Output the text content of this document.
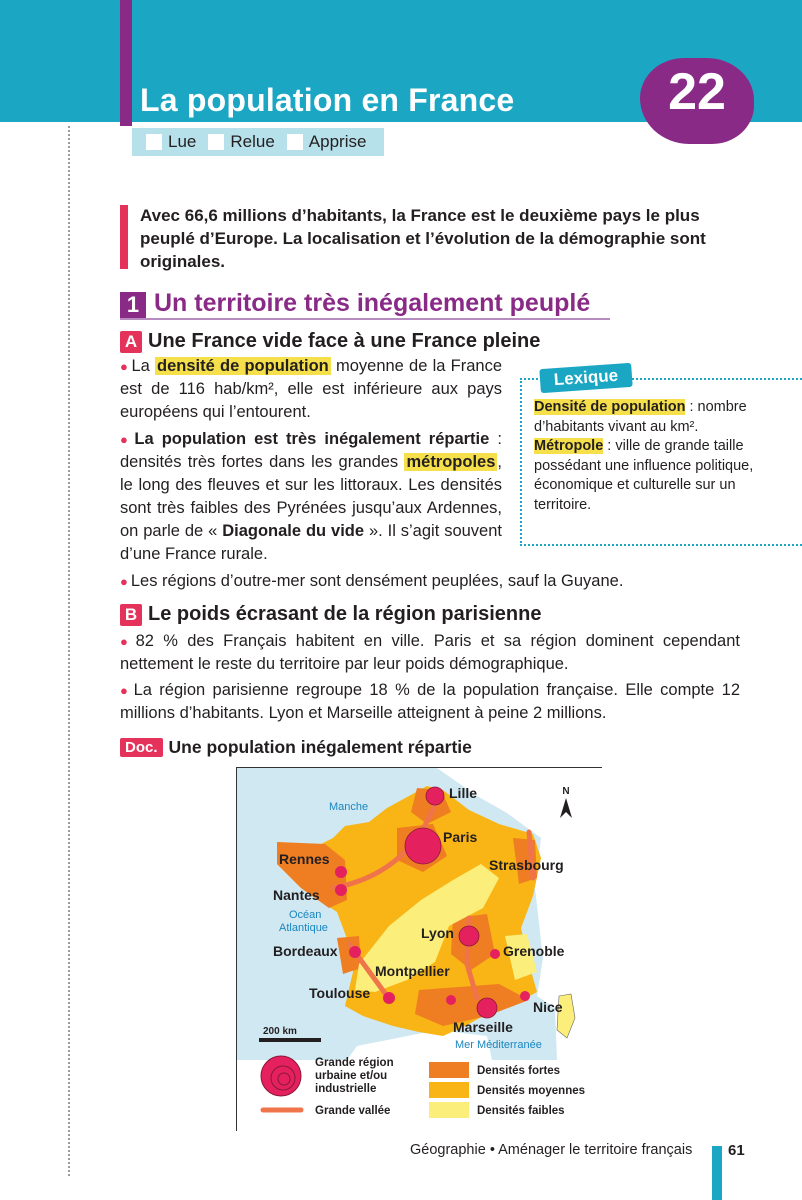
La population en France	22
Lue Relue Apprise

Avec 66,6 millions d’habitants, la France est le deuxième pays le plus peuplé d’Europe. La localisation et l’évolution de la démographie sont originales.

1 Un territoire très inégalement peuplé
A Une France vide face à une France pleine

● La densité de population moyenne de la France est de 116 hab/km², elle est inférieure aux pays européens qui l’entourent.

● La population est très inégalement répartie : densités très fortes dans les grandes métropoles , le long des fleuves et sur les littoraux. Les densités sont très faibles des Pyrénées jusqu’aux Ardennes, on parle de « Diagonale du vide ». Il s’agit souvent d’une France rurale.

● Les régions d’outre-mer sont densément peuplées, sauf la Guyane.

Lexique
Densité de population : nombre d’habitants vivant au km².
Métropole : ville de grande taille possédant une influence politique, économique et culturelle sur un territoire.
B Le poids écrasant de la région parisienne

● 82 % des Français habitent en ville. Paris et sa région dominent cependant nettement le reste du territoire par leur poids démographique.

● La région parisienne regroupe 18 % de la population française. Elle compte 12 millions d’habitants. Lyon et Marseille atteignent à peine 2 millions.

Doc. Une population inégalement répartie
Manche
Océan
Atlantique
Mer Méditerranée
Lille
Paris
Strasbourg
Rennes
Nantes
Lyon
Grenoble
Bordeaux
Montpellier
Toulouse
Nice
Marseille
N
200 km
Grande région
urbaine et/ou
industrielle
Grande vallée
Densités fortes
Densités moyennes
Densités faibles
Géographie • Aménager le territoire français 61
